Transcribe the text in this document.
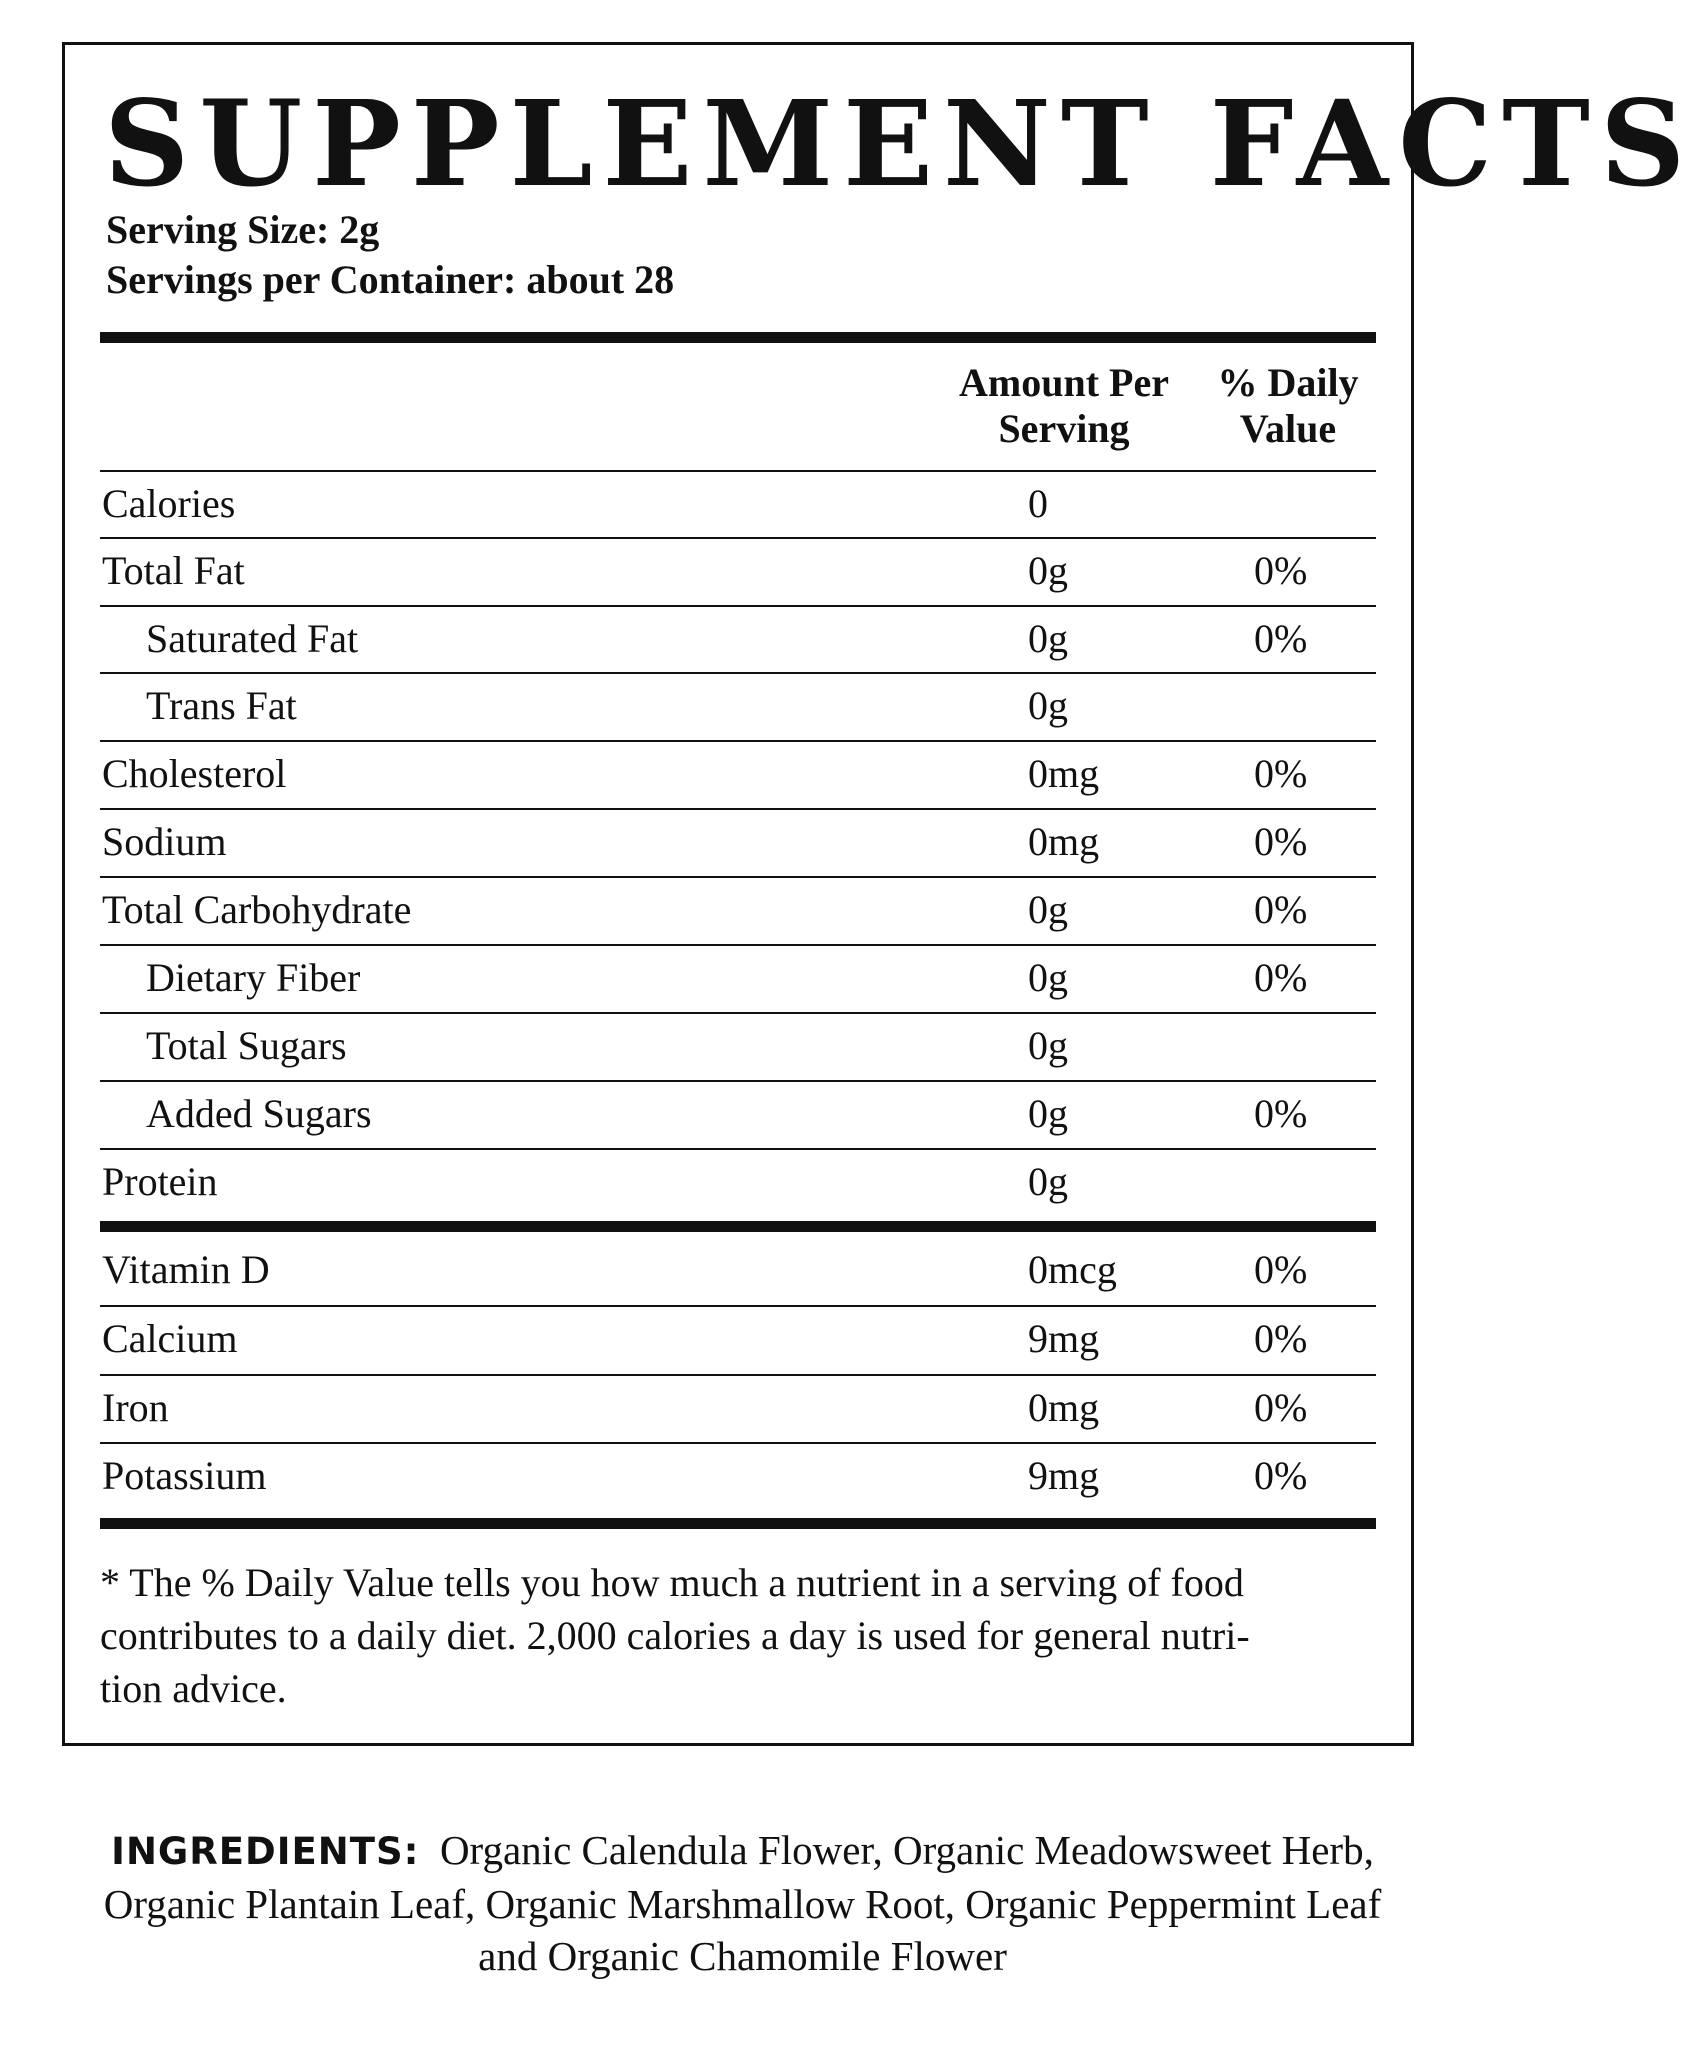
SUPPLEMENT FACTS
Serving Size: 2g
Servings per Container: about 28
Amount Per
Serving
% Daily
Value
Calories	0
Total Fat	0g	0%
Saturated Fat	0g	0%
Trans Fat	0g
Cholesterol	0mg	0%
Sodium	0mg	0%
Total Carbohydrate	0g	0%
Dietary Fiber	0g	0%
Total Sugars	0g
Added Sugars	0g	0%
Protein	0g
Vitamin D	0mcg	0%
Calcium	9mg	0%
Iron	0mg	0%
Potassium	9mg	0%
* The % Daily Value tells you how much a nutrient in a serving of food
contributes to a daily diet. 2,000 calories a day is used for general nutri-
tion advice.
INGREDIENTS: Organic Calendula Flower, Organic Meadowsweet Herb,
Organic Plantain Leaf, Organic Marshmallow Root, Organic Peppermint Leaf
and Organic Chamomile Flower
